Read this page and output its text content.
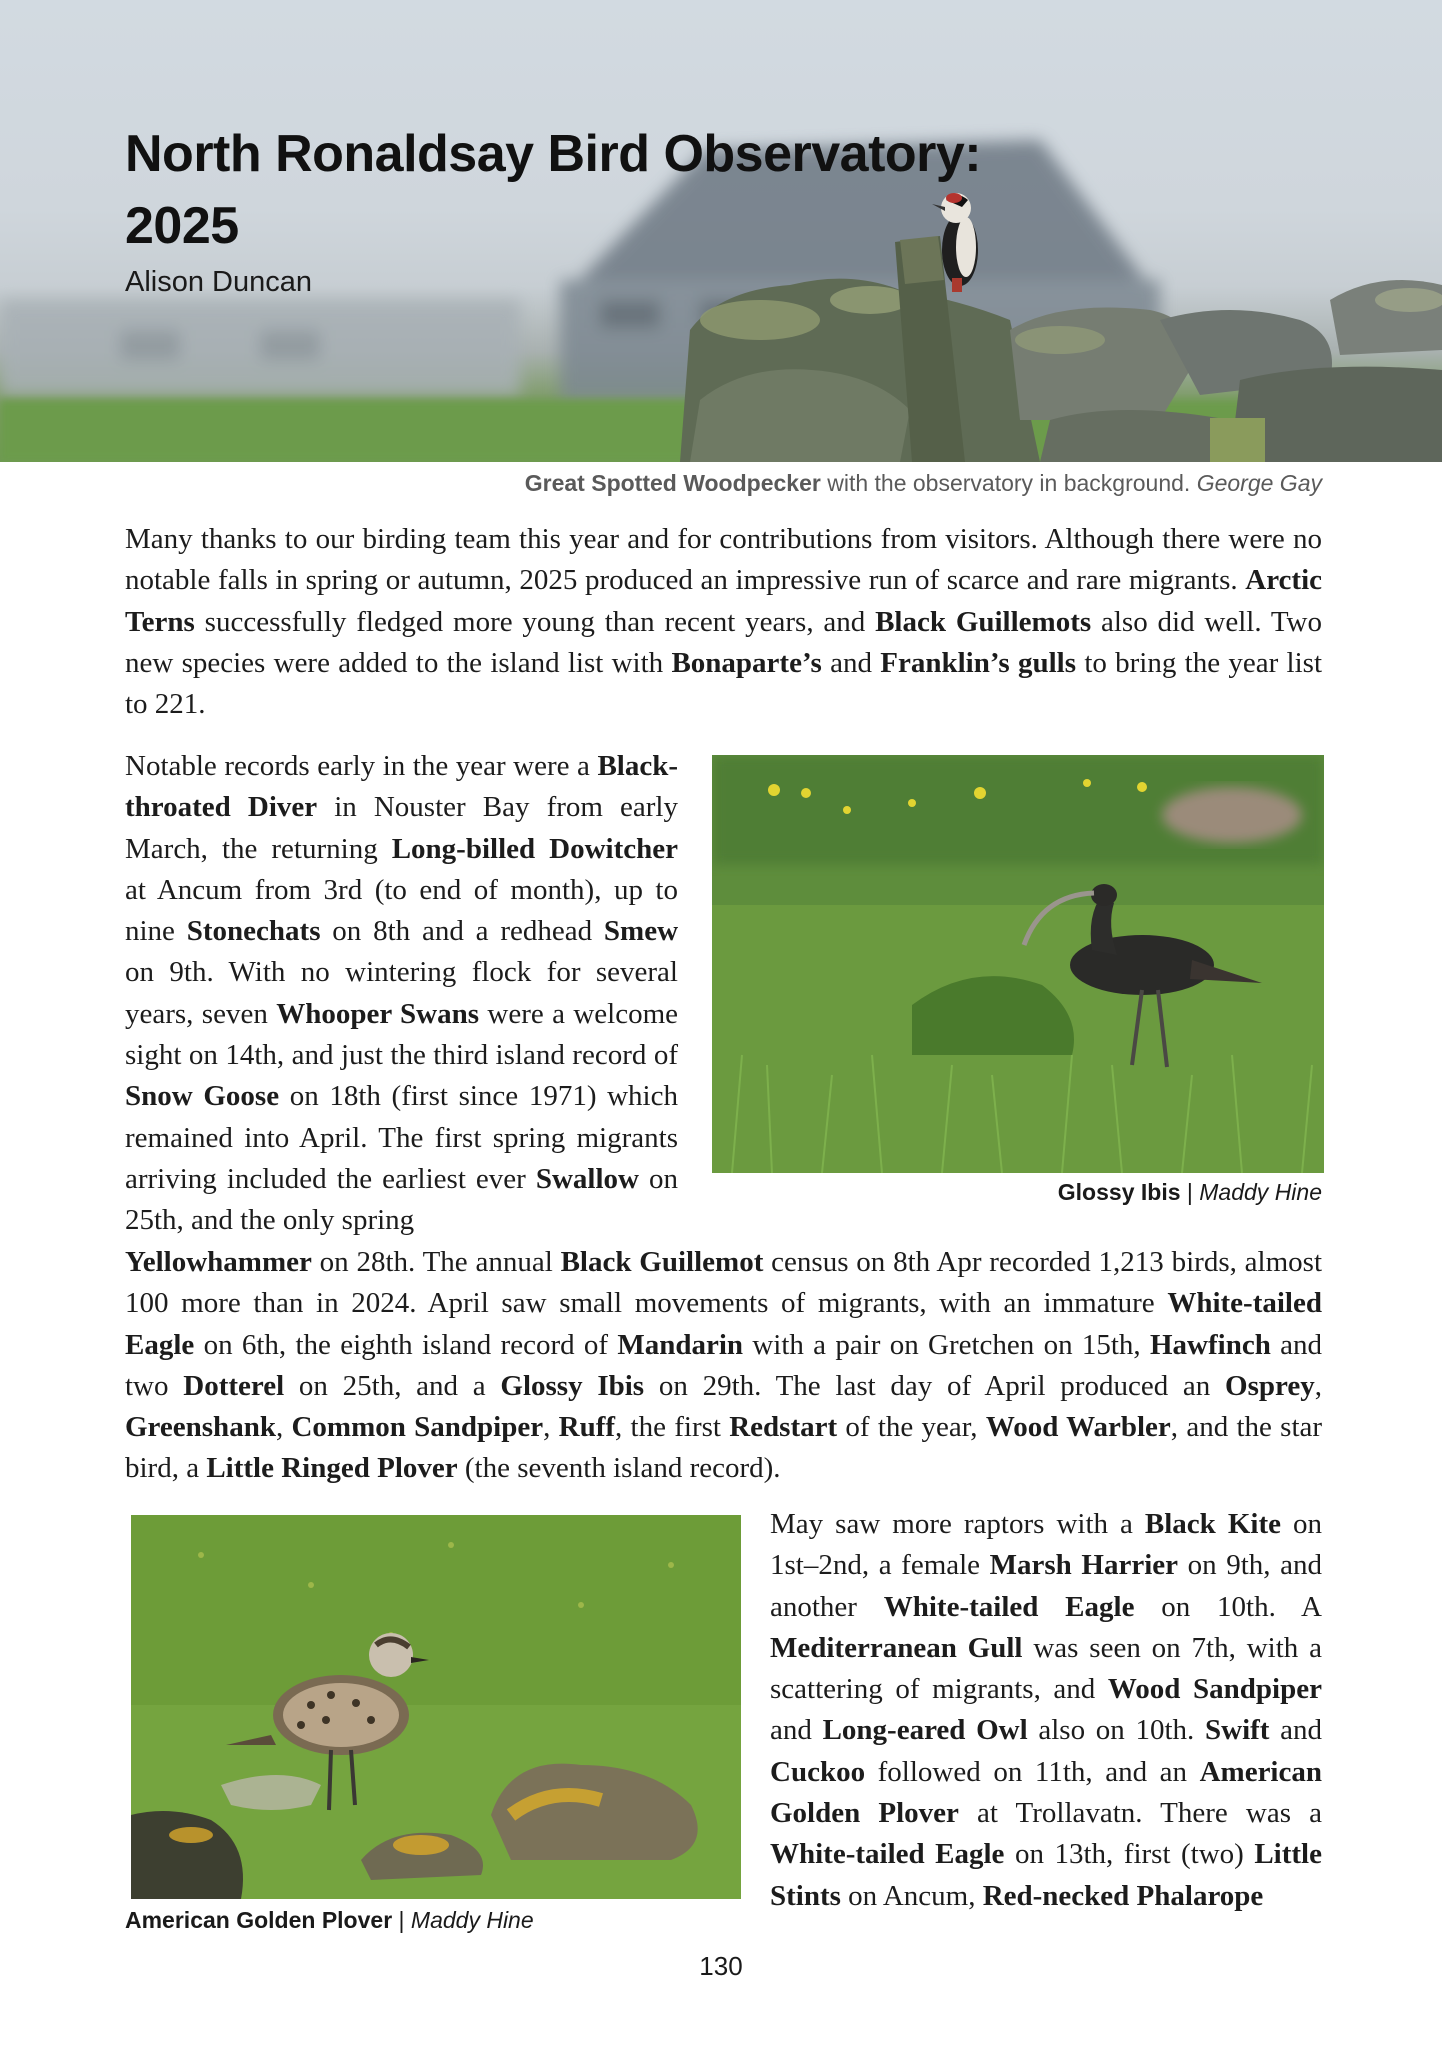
North Ronaldsay Bird Observatory:
2025
Alison Duncan
Great Spotted Woodpecker with the observatory in background. George Gay

Many thanks to our birding team this year and for contributions from visitors. Although there were no notable falls in spring or autumn, 2025 produced an impressive run of scarce and rare migrants. Arctic Terns successfully fledged more young than recent years, and Black Guillemots also did well. Two new species were added to the island list with Bonaparte’s and Franklin’s gulls to bring the year list to 221.

Notable records early in the year were a Black-throated Diver in Nouster Bay from early March, the returning Long-billed Dowitcher at Ancum from 3rd (to end of month), up to nine Stonechats on 8th and a redhead Smew on 9th. With no wintering flock for several years, seven Whooper Swans were a welcome sight on 14th, and just the third island record of Snow Goose on 18th (first since 1971) which remained into April. The first spring migrants arriving included the earliest ever Swallow on 25th, and the only spring

Glossy Ibis | Maddy Hine

Yellowhammer on 28th. The annual Black Guillemot census on 8th Apr recorded 1,213 birds, almost 100 more than in 2024. April saw small movements of migrants, with an immature White-tailed Eagle on 6th, the eighth island record of Mandarin with a pair on Gretchen on 15th, Hawfinch and two Dotterel on 25th, and a Glossy Ibis on 29th. The last day of April produced an Osprey, Greenshank, Common Sandpiper, Ruff, the first Redstart of the year, Wood Warbler, and the star bird, a Little Ringed Plover (the seventh island record).

American Golden Plover | Maddy Hine

May saw more raptors with a Black Kite on 1st–2nd, a female Marsh Harrier on 9th, and another White-tailed Eagle on 10th. A Mediterranean Gull was seen on 7th, with a scattering of migrants, and Wood Sandpiper and Long-eared Owl also on 10th. Swift and Cuckoo followed on 11th, and an American Golden Plover at Trollavatn. There was a White-tailed Eagle on 13th, first (two) Little Stints on Ancum, Red-necked Phalarope

130
